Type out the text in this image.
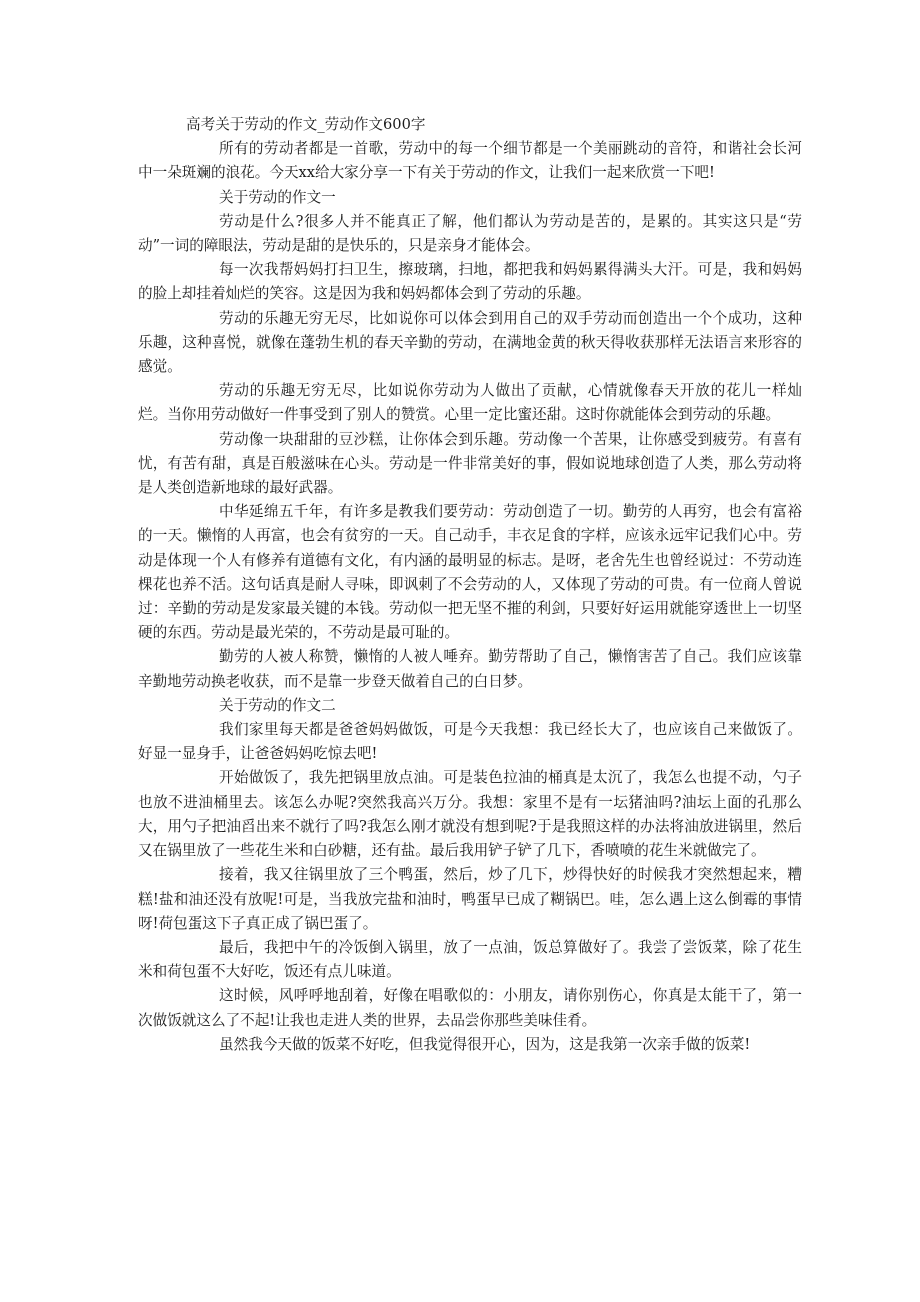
高考关于劳动的作文_劳动作文600字

所有的劳动者都是一首歌，劳动中的每一个细节都是一个美丽跳动的音符，和谐社会长河中一朵斑斓的浪花。今天xx给大家分享一下有关于劳动的作文，让我们一起来欣赏一下吧!

关于劳动的作文一

劳动是什么?很多人并不能真正了解，他们都认为劳动是苦的，是累的。其实这只是“劳动”一词的障眼法，劳动是甜的是快乐的，只是亲身才能体会。

每一次我帮妈妈打扫卫生，擦玻璃，扫地，都把我和妈妈累得满头大汗。可是，我和妈妈的脸上却挂着灿烂的笑容。这是因为我和妈妈都体会到了劳动的乐趣。

劳动的乐趣无穷无尽，比如说你可以体会到用自己的双手劳动而创造出一个个成功，这种乐趣，这种喜悦，就像在蓬勃生机的春天辛勤的劳动，在满地金黄的秋天得收获那样无法语言来形容的感觉。

劳动的乐趣无穷无尽，比如说你劳动为人做出了贡献，心情就像春天开放的花儿一样灿烂。当你用劳动做好一件事受到了别人的赞赏。心里一定比蜜还甜。这时你就能体会到劳动的乐趣。

劳动像一块甜甜的豆沙糕，让你体会到乐趣。劳动像一个苦果，让你感受到疲劳。有喜有忧，有苦有甜，真是百般滋味在心头。劳动是一件非常美好的事，假如说地球创造了人类，那么劳动将是人类创造新地球的最好武器。

中华延绵五千年，有许多是教我们要劳动：劳动创造了一切。勤劳的人再穷，也会有富裕的一天。懒惰的人再富，也会有贫穷的一天。自己动手，丰衣足食的字样，应该永远牢记我们心中。劳动是体现一个人有修养有道德有文化，有内涵的最明显的标志。是呀，老舍先生也曾经说过：不劳动连棵花也养不活。这句话真是耐人寻味，即讽刺了不会劳动的人，又体现了劳动的可贵。有一位商人曾说过：辛勤的劳动是发家最关键的本钱。劳动似一把无坚不摧的利剑，只要好好运用就能穿透世上一切坚硬的东西。劳动是最光荣的，不劳动是最可耻的。

勤劳的人被人称赞，懒惰的人被人唾弃。勤劳帮助了自己，懒惰害苦了自己。我们应该靠辛勤地劳动换老收获，而不是靠一步登天做着自己的白日梦。

关于劳动的作文二

我们家里每天都是爸爸妈妈做饭，可是今天我想：我已经长大了，也应该自己来做饭了。好显一显身手，让爸爸妈妈吃惊去吧!

开始做饭了，我先把锅里放点油。可是装色拉油的桶真是太沉了，我怎么也提不动，勺子也放不进油桶里去。该怎么办呢?突然我高兴万分。我想：家里不是有一坛猪油吗?油坛上面的孔那么大，用勺子把油舀出来不就行了吗?我怎么刚才就没有想到呢?于是我照这样的办法将油放进锅里，然后又在锅里放了一些花生米和白砂糖，还有盐。最后我用铲子铲了几下，香喷喷的花生米就做完了。

接着，我又往锅里放了三个鸭蛋，然后，炒了几下，炒得快好的时候我才突然想起来，糟糕!盐和油还没有放呢!可是，当我放完盐和油时，鸭蛋早已成了糊锅巴。哇，怎么遇上这么倒霉的事情呀!荷包蛋这下子真正成了锅巴蛋了。

最后，我把中午的冷饭倒入锅里，放了一点油，饭总算做好了。我尝了尝饭菜，除了花生米和荷包蛋不大好吃，饭还有点儿味道。

这时候，风呼呼地刮着，好像在唱歌似的：小朋友，请你别伤心，你真是太能干了，第一次做饭就这么了不起!让我也走进人类的世界，去品尝你那些美味佳肴。

虽然我今天做的饭菜不好吃，但我觉得很开心，因为，这是我第一次亲手做的饭菜!
